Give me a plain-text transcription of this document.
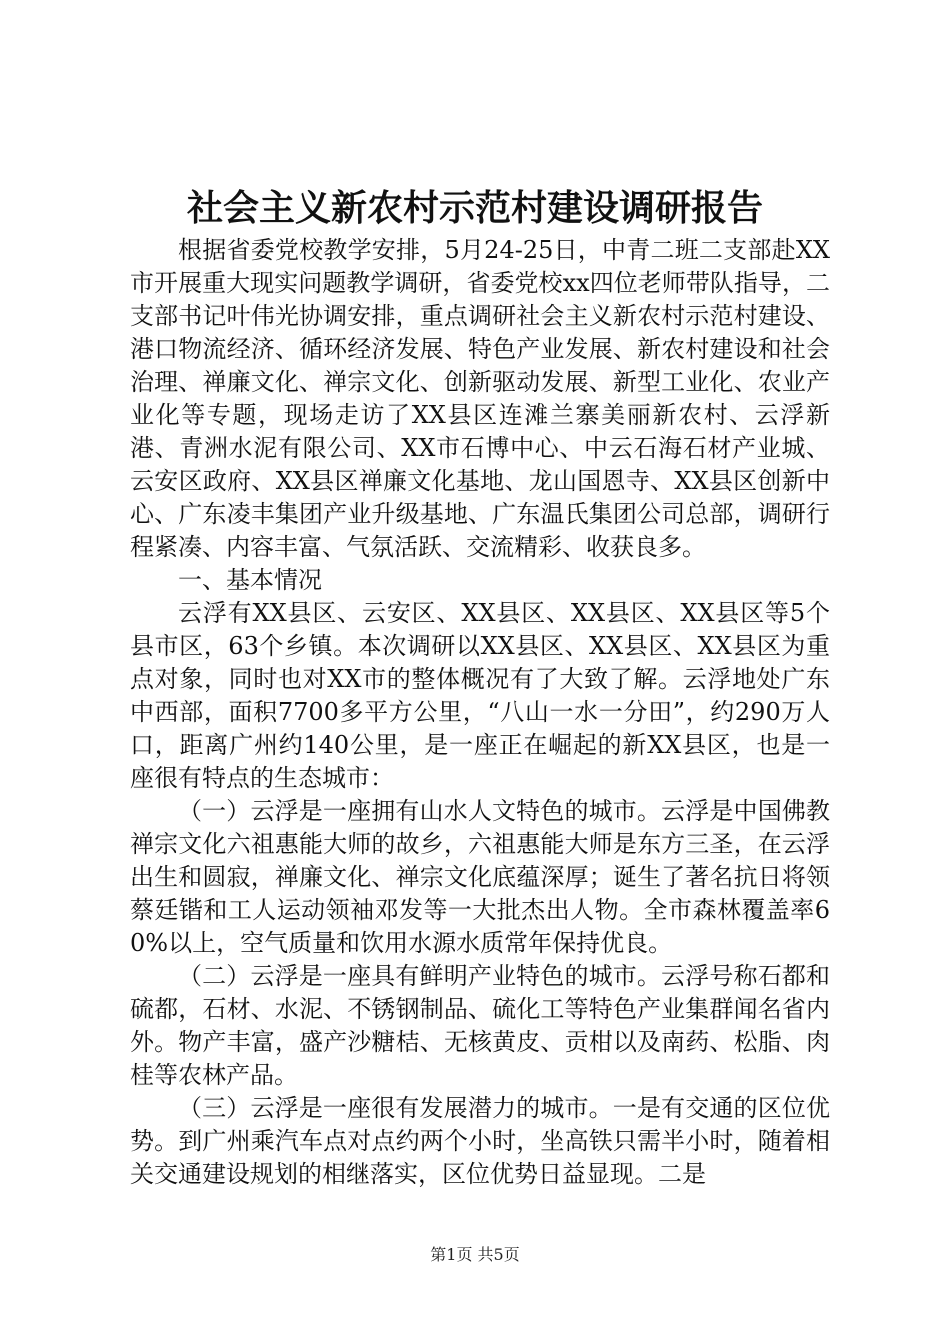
社会主义新农村示范村建设调研报告

根据省委党校教学安排，5月24-25日，中青二班二支部赴XX市开展重大现实问题教学调研，省委党校xx四位老师带队指导，二支部书记叶伟光协调安排，重点调研社会主义新农村示范村建设、港口物流经济、循环经济发展、特色产业发展、新农村建设和社会治理、禅廉文化、禅宗文化、创新驱动发展、新型工业化、农业产业化等专题，现场走访了XX县区连滩兰寨美丽新农村、云浮新港、青洲水泥有限公司、XX市石博中心、中云石海石材产业城、云安区政府、XX县区禅廉文化基地、龙山国恩寺、XX县区创新中心、广东凌丰集团产业升级基地、广东温氏集团公司总部，调研行程紧凑、内容丰富、气氛活跃、交流精彩、收获良多。

一、基本情况

云浮有XX县区、云安区、XX县区、XX县区、XX县区等5个县市区，63个乡镇。本次调研以XX县区、XX县区、XX县区为重点对象，同时也对XX市的整体概况有了大致了解。云浮地处广东中西部，面积7700多平方公里，“八山一水一分田”，约290万人口，距离广州约140公里，是一座正在崛起的新XX县区，也是一座很有特点的生态城市：

（一）云浮是一座拥有山水人文特色的城市。云浮是中国佛教禅宗文化六祖惠能大师的故乡，六祖惠能大师是东方三圣，在云浮出生和圆寂，禅廉文化、禅宗文化底蕴深厚；诞生了著名抗日将领蔡廷锴和工人运动领袖邓发等一大批杰出人物。全市森林覆盖率60%以上，空气质量和饮用水源水质常年保持优良。

（二）云浮是一座具有鲜明产业特色的城市。云浮号称石都和硫都，石材、水泥、不锈钢制品、硫化工等特色产业集群闻名省内外。物产丰富，盛产沙糖桔、无核黄皮、贡柑以及南药、松脂、肉桂等农林产品。

（三）云浮是一座很有发展潜力的城市。一是有交通的区位优势。到广州乘汽车点对点约两个小时，坐高铁只需半小时，随着相关交通建设规划的相继落实，区位优势日益显现。二是

第1页 共5页
